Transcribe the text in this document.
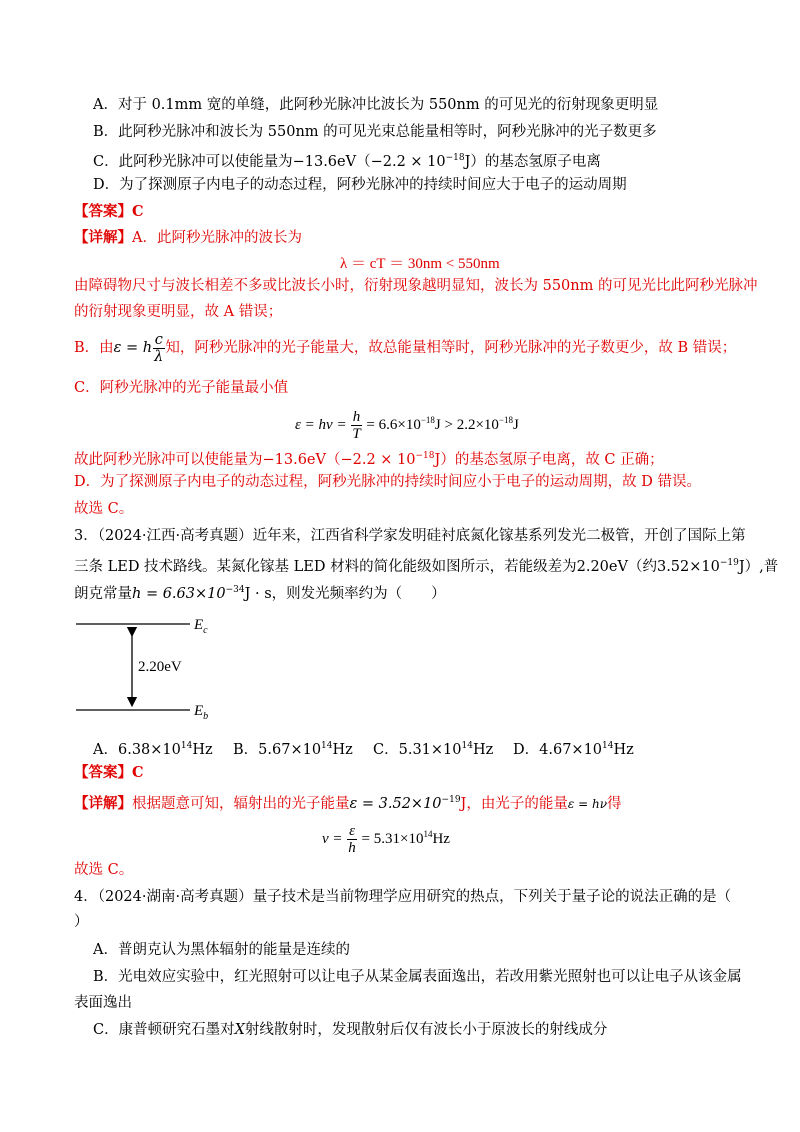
A．对于 0.1mm 宽的单缝，此阿秒光脉冲比波长为 550nm 的可见光的衍射现象更明显
B．此阿秒光脉冲和波长为 550nm 的可见光束总能量相等时，阿秒光脉冲的光子数更多
C．此阿秒光脉冲可以使能量为$-13.6eV(-2.2 \times 10^{-18}J)$的基态氢原子电离
D．为了探测原子内电子的动态过程，阿秒光脉冲的持续时间应大于电子的运动周期
【答案】C
【详解】A．此阿秒光脉冲的波长为
λ ＝ cT ＝ 30nm < 550nm
由障碍物尺寸与波长相差不多或比波长小时，衍射现象越明显知，波长为 550nm 的可见光比此阿秒光脉冲
的衍射现象更明显，故 A 错误；
B．由ε = h $\frac{c}{\lambda}$ 知，阿秒光脉冲的光子能量大，故总能量相等时，阿秒光脉冲的光子数更少，故 B 错误；
C．阿秒光脉冲的光子能量最小值
$\varepsilon = h\nu = \frac{h}{T} = 6.6\times 10^{-18}J > 2.2\times 10^{-18}J$
故此阿秒光脉冲可以使能量为$-13.6eV(-2.2 \times 10^{-18}J)$的基态氢原子电离，故 C 正确；
D．为了探测原子内电子的动态过程，阿秒光脉冲的持续时间应小于电子的运动周期，故 D 错误。
故选 C。
3．（2024·江西·高考真题）近年来，江西省科学家发明硅衬底氮化镓基系列发光二极管，开创了国际上第
三条 LED 技术路线。某氮化镓基 LED 材料的简化能级如图所示，若能级差为2.20eV（约$3.52\times 10^{-19}J$）,普
朗克常量$h = 6.63\times 10^{-34}J \cdot s$，则发光频率约为（　　）
$E_c$
$E_b$
2.20eV
A．$6.38\times 10^{14}Hz$ B．$5.67\times 10^{14}Hz$ C．$5.31\times 10^{14}Hz$ D．$4.67\times 10^{14}Hz$
【答案】C
【详解】根据题意可知，辐射出的光子能量$\varepsilon = 3.52\times 10^{-19}J$，由光子的能量ε = hν得
$\nu = \frac{\varepsilon}{h} = 5.31\times 10^{14}Hz$
故选 C。
4．（2024·湖南·高考真题）量子技术是当前物理学应用研究的热点，下列关于量子论的说法正确的是（
）
A．普朗克认为黑体辐射的能量是连续的
B．光电效应实验中，红光照射可以让电子从某金属表面逸出，若改用紫光照射也可以让电子从该金属
表面逸出
C．康普顿研究石墨对X射线散射时，发现散射后仅有波长小于原波长的射线成分
